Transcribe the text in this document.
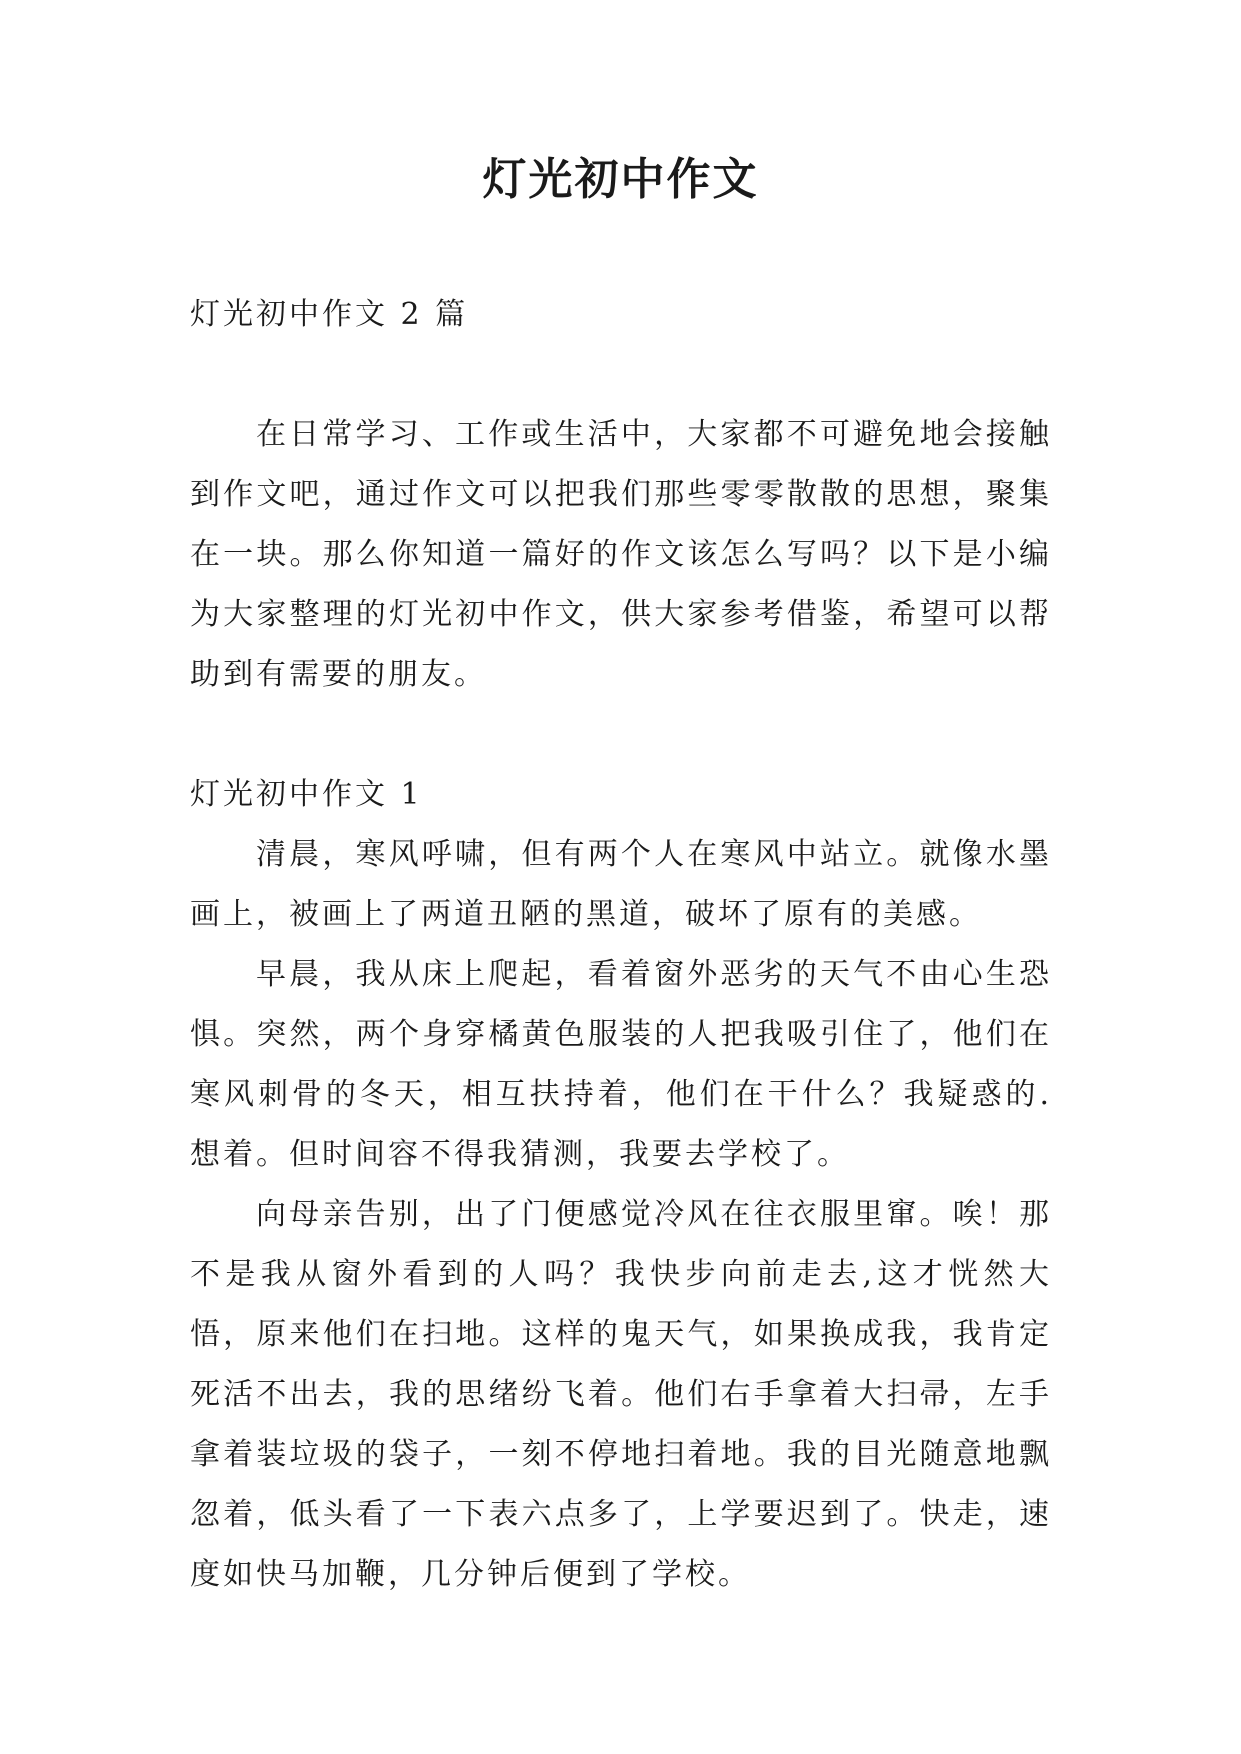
灯光初中作文

灯光初中作文 2 篇

在日常学习、工作或生活中，大家都不可避免地会接触到作文吧，通过作文可以把我们那些零零散散的思想，聚集在一块。那么你知道一篇好的作文该怎么写吗？以下是小编为大家整理的灯光初中作文，供大家参考借鉴，希望可以帮助到有需要的朋友。

灯光初中作文 1

清晨，寒风呼啸，但有两个人在寒风中站立。就像水墨画上，被画上了两道丑陋的黑道，破坏了原有的美感。

早晨，我从床上爬起，看着窗外恶劣的天气不由心生恐惧。突然，两个身穿橘黄色服装的人把我吸引住了，他们在寒风刺骨的冬天，相互扶持着，他们在干什么？我疑惑的.想着。但时间容不得我猜测，我要去学校了。

向母亲告别，出了门便感觉冷风在往衣服里窜。唉！那不是我从窗外看到的人吗？我快步向前走去,这才恍然大悟，原来他们在扫地。这样的鬼天气，如果换成我，我肯定死活不出去，我的思绪纷飞着。他们右手拿着大扫帚，左手拿着装垃圾的袋子，一刻不停地扫着地。我的目光随意地飘忽着，低头看了一下表六点多了，上学要迟到了。快走，速度如快马加鞭，几分钟后便到了学校。
